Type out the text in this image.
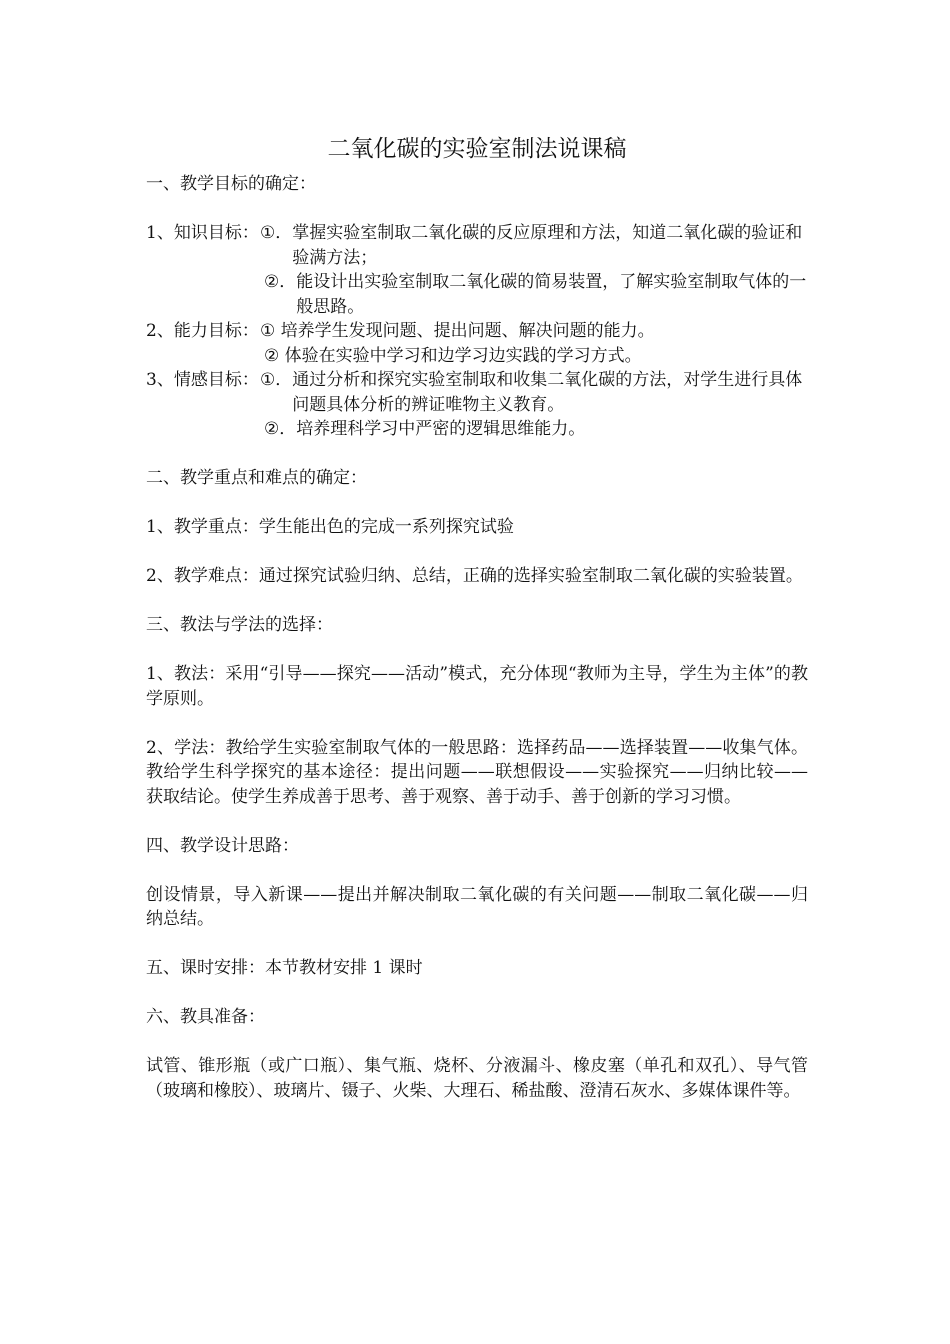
二氧化碳的实验室制法说课稿

一、教学目标的确定：

1、知识目标： ①． 掌握实验室制取二氧化碳的反应原理和方法，知道二氧化碳的验证和验满方法；
②． 能设计出实验室制取二氧化碳的简易装置，了解实验室制取气体的一般思路。
2、能力目标： ① 培养学生发现问题、提出问题、解决问题的能力。
② 体验在实验中学习和边学习边实践的学习方式。
3、情感目标： ①． 通过分析和探究实验室制取和收集二氧化碳的方法，对学生进行具体问题具体分析的辨证唯物主义教育。
②． 培养理科学习中严密的逻辑思维能力。

二、教学重点和难点的确定：

1、教学重点：学生能出色的完成一系列探究试验

2、教学难点：通过探究试验归纳、总结，正确的选择实验室制取二氧化碳的实验装置。

三、教法与学法的选择：

1、教法：采用“引导——探究——活动”模式，充分体现“教师为主导，学生为主体”的教学原则。

2、学法：教给学生实验室制取气体的一般思路：选择药品——选择装置——收集气体。教给学生科学探究的基本途径：提出问题——联想假设——实验探究——归纳比较——获取结论。使学生养成善于思考、善于观察、善于动手、善于创新的学习习惯。

四、教学设计思路：

创设情景，导入新课——提出并解决制取二氧化碳的有关问题——制取二氧化碳——归纳总结。

五、课时安排：本节教材安排 1 课时

六、教具准备：

试管、锥形瓶（或广口瓶）、集气瓶、烧杯、分液漏斗、橡皮塞（单孔和双孔）、导气管（玻璃和橡胶）、玻璃片、镊子、火柴、大理石、稀盐酸、澄清石灰水、多媒体课件等。
